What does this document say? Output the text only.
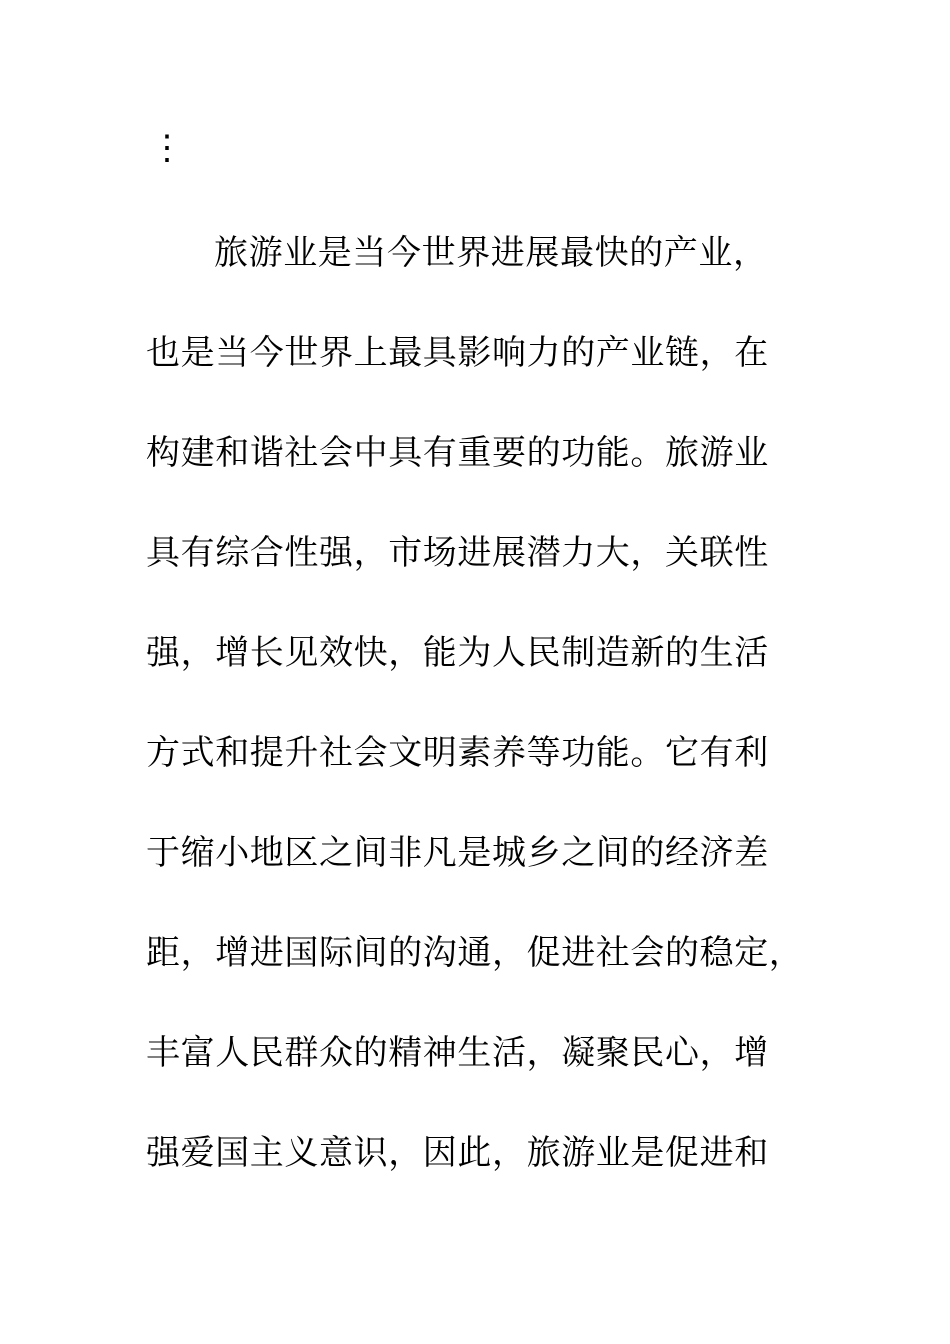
⋮

旅游业是当今世界进展最快的产业，

也是当今世界上最具影响力的产业链，在

构建和谐社会中具有重要的功能。旅游业

具有综合性强，市场进展潜力大，关联性

强，增长见效快，能为人民制造新的生活

方式和提升社会文明素养等功能。它有利

于缩小地区之间非凡是城乡之间的经济差

距，增进国际间的沟通，促进社会的稳定，

丰富人民群众的精神生活，凝聚民心，增

强爱国主义意识，因此，旅游业是促进和
